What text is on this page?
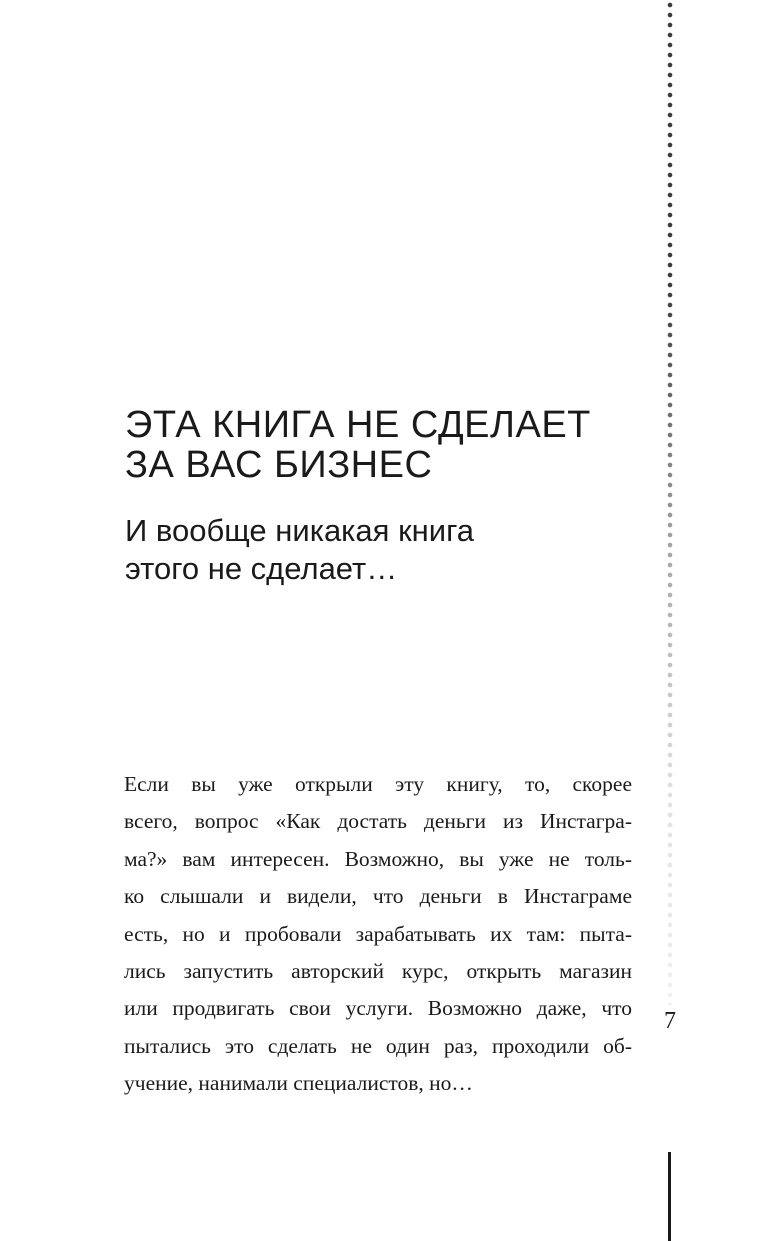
ЭТА КНИГА НЕ СДЕЛАЕТ
ЗА ВАС БИЗНЕС
И вообще никакая книга
этого не сделает…
Если вы уже открыли эту книгу, то, скорее
всего, вопрос «Как достать деньги из Инстагра-
ма?» вам интересен. Возможно, вы уже не толь-
ко слышали и видели, что деньги в Инстаграме
есть, но и пробовали зарабатывать их там: пыта-
лись запустить авторский курс, открыть магазин
или продвигать свои услуги. Возможно даже, что
пытались это сделать не один раз, проходили об-
учение, нанимали специалистов, но…
7
